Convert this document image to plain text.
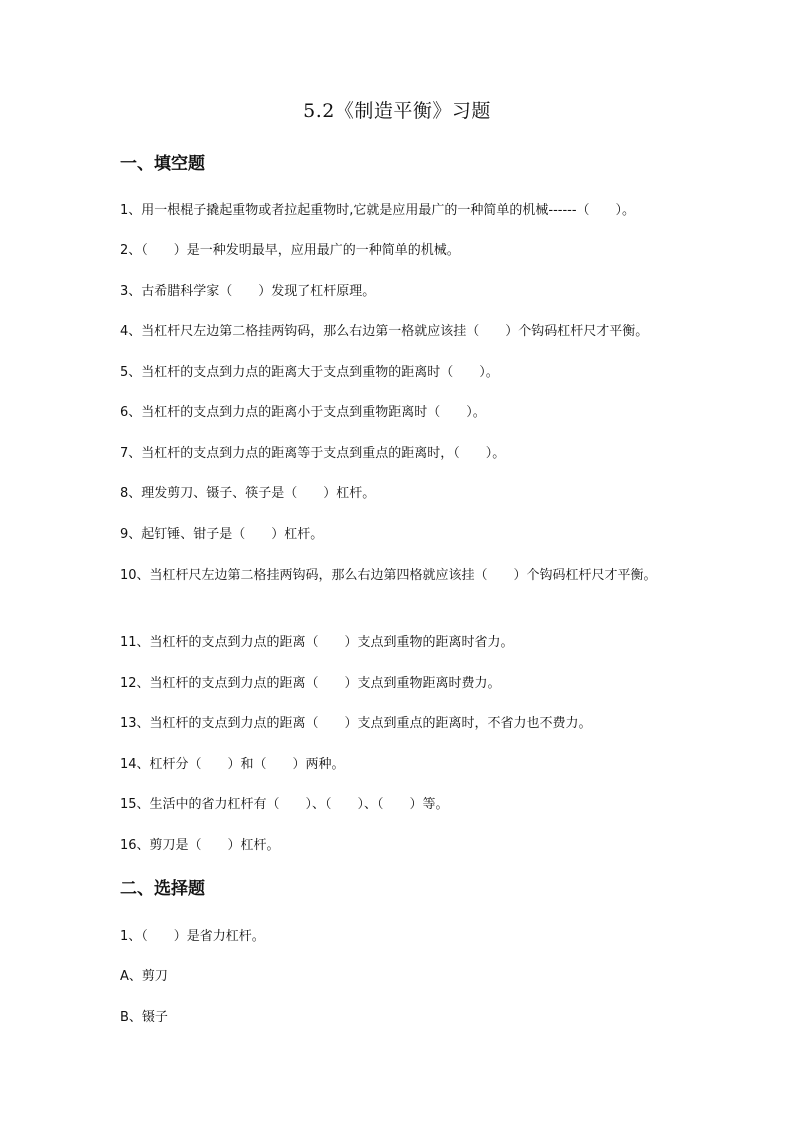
5.2《制造平衡》习题
一、填空题
1、用一根棍子撬起重物或者拉起重物时,它就是应用最广的一种简单的机械------（　　）。
2、（　　）是一种发明最早，应用最广的一种简单的机械。
3、古希腊科学家（　　）发现了杠杆原理。
4、当杠杆尺左边第二格挂两钩码，那么右边第一格就应该挂（　　）个钩码杠杆尺才平衡。
5、当杠杆的支点到力点的距离大于支点到重物的距离时（　　）。
6、当杠杆的支点到力点的距离小于支点到重物距离时（　　）。
7、当杠杆的支点到力点的距离等于支点到重点的距离时，（　　）。
8、理发剪刀、镊子、筷子是（　　）杠杆。
9、起钉锤、钳子是（　　）杠杆。
10、当杠杆尺左边第二格挂两钩码，那么右边第四格就应该挂（　　）个钩码杠杆尺才平衡。
11、当杠杆的支点到力点的距离（　　）支点到重物的距离时省力。
12、当杠杆的支点到力点的距离（　　）支点到重物距离时费力。
13、当杠杆的支点到力点的距离（　　）支点到重点的距离时，不省力也不费力。
14、杠杆分（　　）和（　　）两种。
15、生活中的省力杠杆有（　　）、（　　）、（　　）等。
16、剪刀是（　　）杠杆。
二、选择题
1、（　　）是省力杠杆。
A、剪刀
B、镊子
